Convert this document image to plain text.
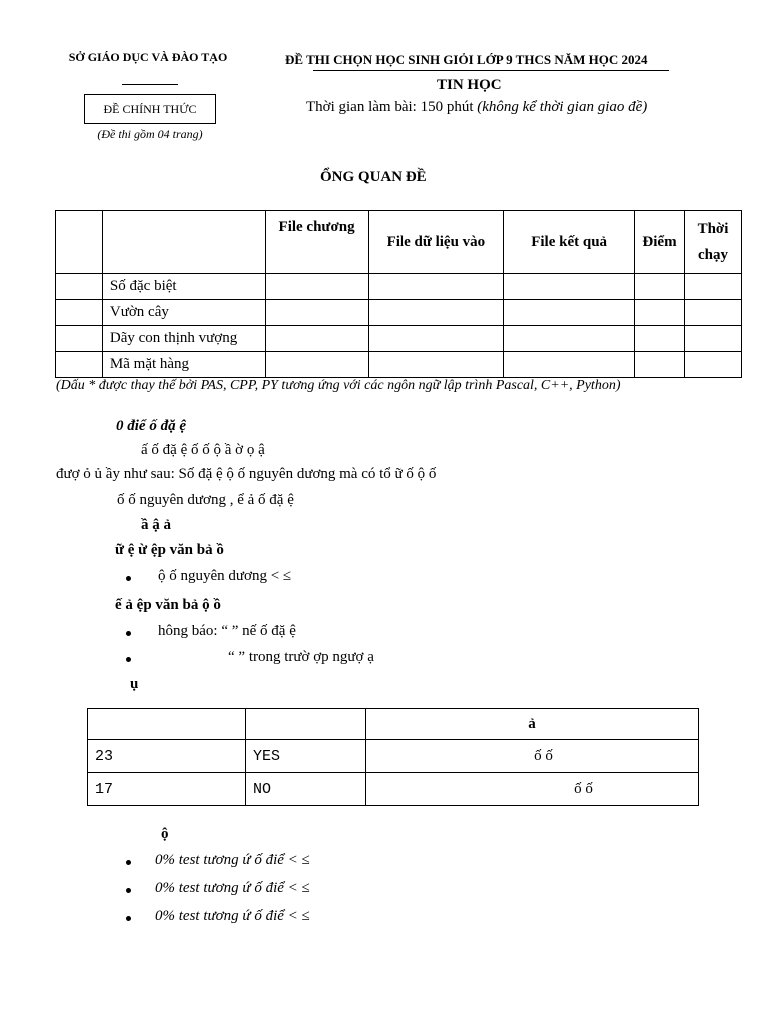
SỞ GIÁO DỤC VÀ ĐÀO TẠO
ĐỀ CHÍNH THỨC
(Đề thi gồm 04 trang)
ĐỀ THI CHỌN HỌC SINH GIỎI LỚP 9 THCS NĂM HỌC 2024
TIN HỌC
Thời gian làm bài: 150 phút (không kể thời gian giao đề)
ỔNG QUAN ĐỀ
		File chương	File dữ liệu vào	File kết quả	Điểm	Thời chạy
	Số đặc biệt					
	Vườn cây					
	Dãy con thịnh vượng					
	Mã mặt hàng					
(Dấu * được thay thế bởi PAS, CPP, PY tương ứng với các ngôn ngữ lập trình Pascal, C++, Python)
0 điể ố đặ ệ
ấ ố đặ ệ ố ố ộ ầ ờ ọ ậ
đượ ỏ ủ ầy như sau: Số đặ ệ ộ ố nguyên dương mà có tổ ữ ố ộ ố
ố ố nguyên dương , ể ả ố đặ ệ
ầ ậ ả
ữ ệ ừ ệp văn bả ồ
ộ ố nguyên dương < ≤
ế ả ệp văn bả ộ ồ
hông báo: “ ” nế ố đặ ệ
“ ” trong trườ ợp ngượ ạ
ụ
		ả
23	YES	ố ố
17	NO	ố ố
ộ
0% test tương ứ ố điể < ≤
0% test tương ứ ố điể < ≤
0% test tương ứ ố điể < ≤
